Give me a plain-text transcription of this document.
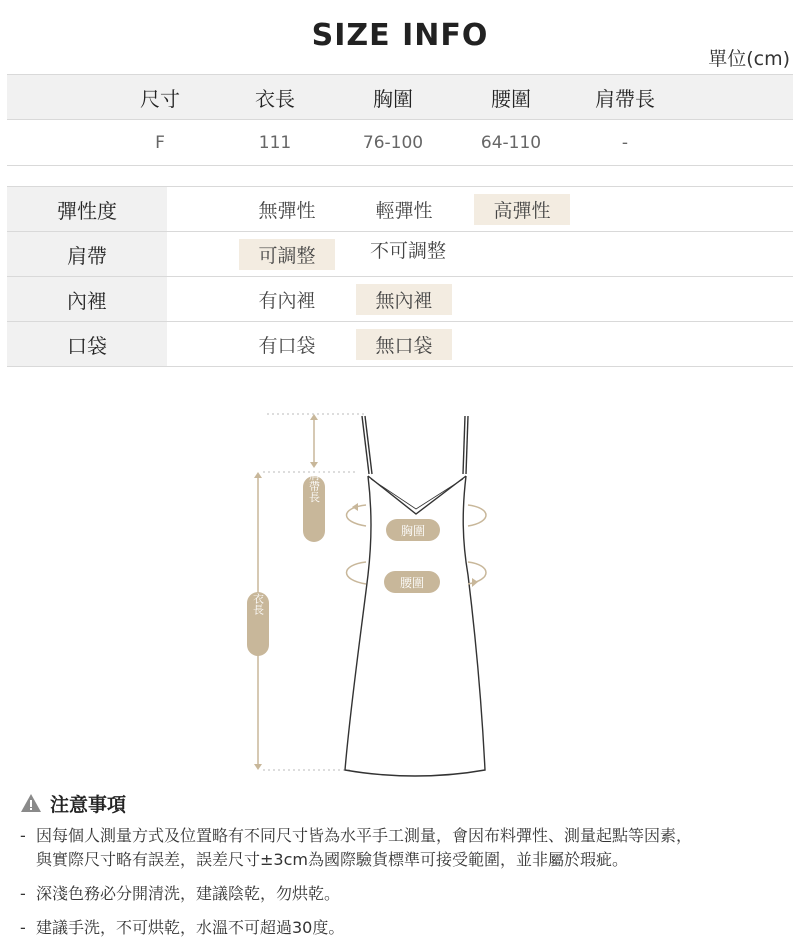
SIZE INFO
單位(cm)
尺寸	衣長	胸圍	腰圍	肩帶長
F	111	76-100	64-110	-
彈性度	無彈性	輕彈性	高彈性
肩帶	可調整	不可調整
內裡	有內裡	無內裡
口袋	有口袋	無口袋
肩帶長
衣長
胸圍
腰圍
注意事項
- 因每個人測量方式及位置略有不同尺寸皆為水平手工測量，會因布料彈性、測量起點等因素，
與實際尺寸略有誤差，誤差尺寸±3cm為國際驗貨標準可接受範圍，並非屬於瑕疵。
- 深淺色務必分開清洗，建議陰乾，勿烘乾。
- 建議手洗，不可烘乾，水溫不可超過30度。
